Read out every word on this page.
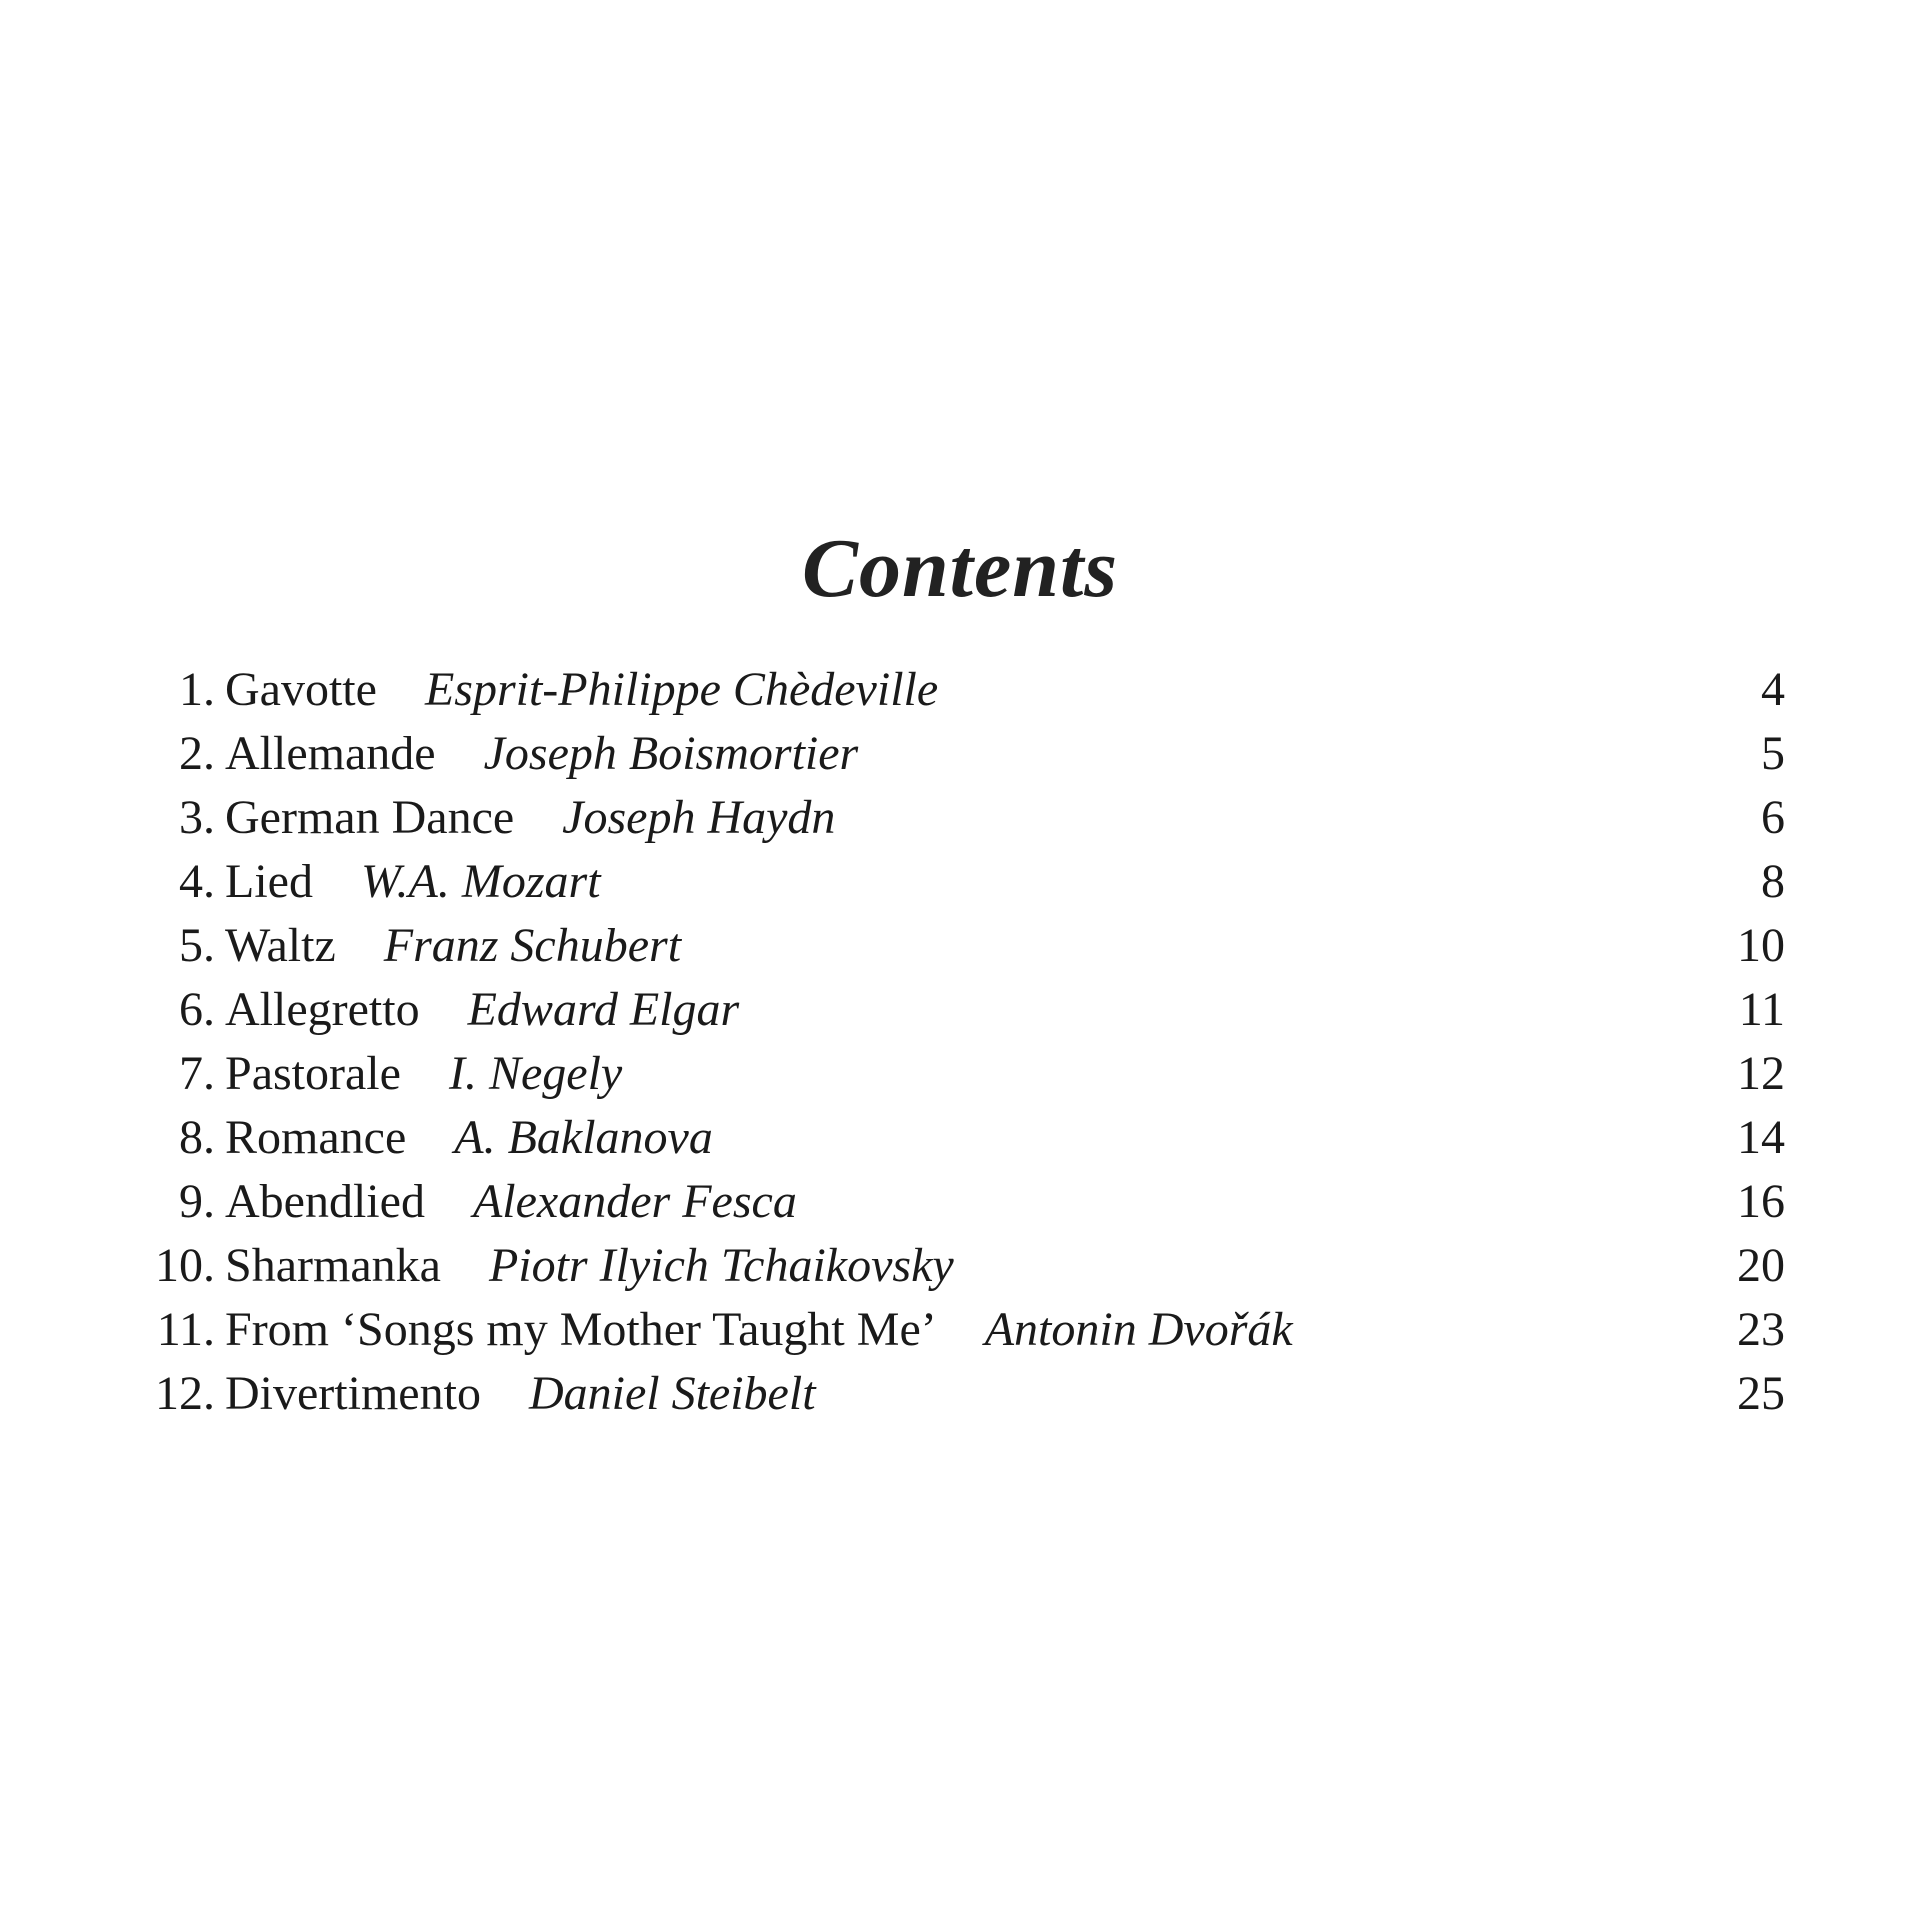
Contents
1. Gavotte Esprit-Philippe Chèdeville	4
2. Allemande Joseph Boismortier	5
3. German Dance Joseph Haydn	6
4. Lied W.A. Mozart	8
5. Waltz Franz Schubert	10
6. Allegretto Edward Elgar	11
7. Pastorale I. Negely	12
8. Romance A. Baklanova	14
9. Abendlied Alexander Fesca	16
10. Sharmanka Piotr Ilyich Tchaikovsky	20
11. From ‘Songs my Mother Taught Me’ Antonin Dvořák	23
12. Divertimento Daniel Steibelt	25
